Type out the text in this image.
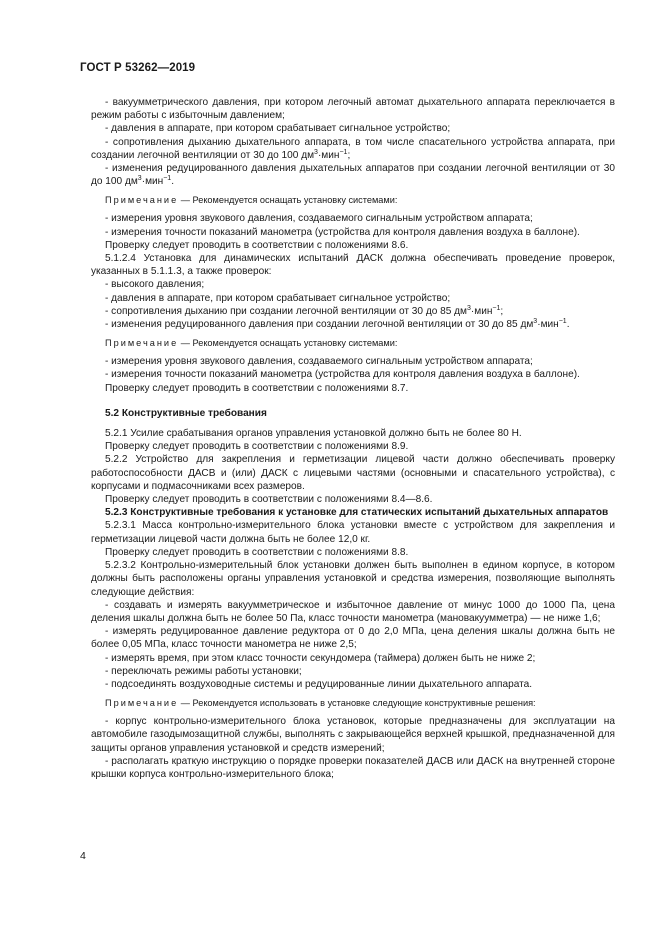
ГОСТ Р 53262—2019

- вакуумметрического давления, при котором легочный автомат дыхательного аппарата переключается в режим работы с избыточным давлением;

- давления в аппарате, при котором срабатывает сигнальное устройство;

- сопротивления дыханию дыхательного аппарата, в том числе спасательного устройства аппарата, при создании легочной вентиляции от 30 до 100 $дм^3\cdot мин^{-1}$;

- изменения редуцированного давления дыхательных аппаратов при создании легочной вентиляции от 30 до 100 $дм^3\cdot мин^{-1}$.

Примечание — Рекомендуется оснащать установку системами:

- измерения уровня звукового давления, создаваемого сигнальным устройством аппарата;

- измерения точности показаний манометра (устройства для контроля давления воздуха в баллоне).

Проверку следует проводить в соответствии с положениями 8.6.

5.1.2.4 Установка для динамических испытаний ДАСК должна обеспечивать проведение проверок, указанных в 5.1.1.3, а также проверок:

- высокого давления;

- давления в аппарате, при котором срабатывает сигнальное устройство;

- сопротивления дыханию при создании легочной вентиляции от 30 до 85 $дм^3\cdot мин^{-1}$;

- изменения редуцированного давления при создании легочной вентиляции от 30 до 85 $дм^3\cdot мин^{-1}$.

Примечание — Рекомендуется оснащать установку системами:

- измерения уровня звукового давления, создаваемого сигнальным устройством аппарата;

- измерения точности показаний манометра (устройства для контроля давления воздуха в баллоне).

Проверку следует проводить в соответствии с положениями 8.7.

5.2 Конструктивные требования

5.2.1 Усилие срабатывания органов управления установкой должно быть не более 80 Н.

Проверку следует проводить в соответствии с положениями 8.9.

5.2.2 Устройство для закрепления и герметизации лицевой части должно обеспечивать проверку работоспособности ДАСВ и (или) ДАСК с лицевыми частями (основными и спасательного устройства), с корпусами и подмасочниками всех размеров.

Проверку следует проводить в соответствии с положениями 8.4—8.6.

5.2.3 Конструктивные требования к установке для статических испытаний дыхательных аппаратов

5.2.3.1 Масса контрольно-измерительного блока установки вместе с устройством для закрепления и герметизации лицевой части должна быть не более 12,0 кг.

Проверку следует проводить в соответствии с положениями 8.8.

5.2.3.2 Контрольно-измерительный блок установки должен быть выполнен в едином корпусе, в котором должны быть расположены органы управления установкой и средства измерения, позволяющие выполнять следующие действия:

- создавать и измерять вакуумметрическое и избыточное давление от минус 1000 до 1000 Па, цена деления шкалы должна быть не более 50 Па, класс точности манометра (мановакуумметра) — не ниже 1,6;

- измерять редуцированное давление редуктора от 0 до 2,0 МПа, цена деления шкалы должна быть не более 0,05 МПа, класс точности манометра не ниже 2,5;

- измерять время, при этом класс точности секундомера (таймера) должен быть не ниже 2;

- переключать режимы работы установки;

- подсоединять воздуховодные системы и редуцированные линии дыхательного аппарата.

Примечание — Рекомендуется использовать в установке следующие конструктивные решения:

- корпус контрольно-измерительного блока установок, которые предназначены для эксплуатации на автомобиле газодымозащитной службы, выполнять с закрывающейся верхней крышкой, предназначенной для защиты органов управления установкой и средств измерений;

- располагать краткую инструкцию о порядке проверки показателей ДАСВ или ДАСК на внутренней стороне крышки корпуса контрольно-измерительного блока;

4
